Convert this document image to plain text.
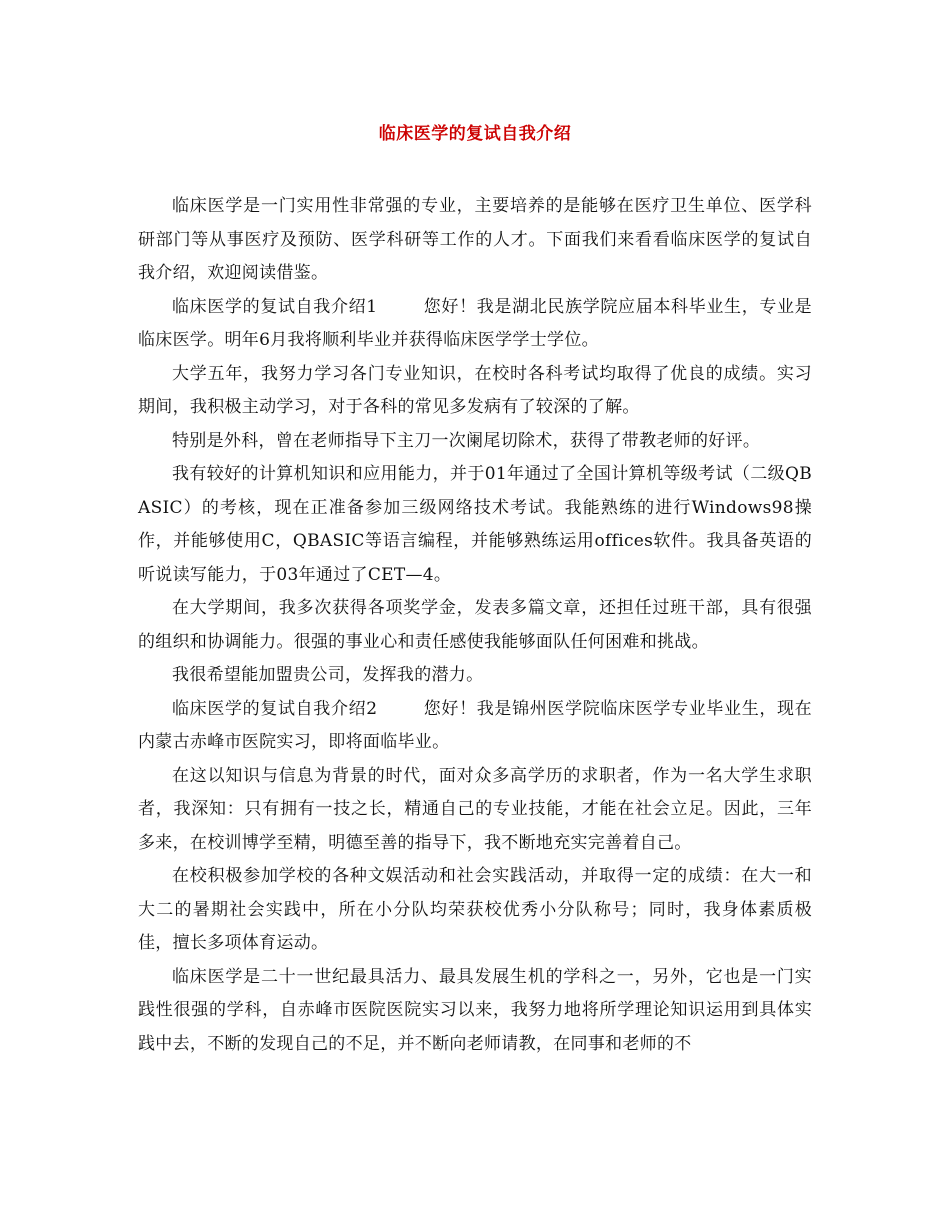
临床医学的复试自我介绍

临床医学是一门实用性非常强的专业，主要培养的是能够在医疗卫生单位、医学科研部门等从事医疗及预防、医学科研等工作的人才。下面我们来看看临床医学的复试自我介绍，欢迎阅读借鉴。

临床医学的复试自我介绍1	您好！我是湖北民族学院应届本科毕业生，专业是临床医学。明年6月我将顺利毕业并获得临床医学学士学位。

大学五年，我努力学习各门专业知识，在校时各科考试均取得了优良的成绩。实习期间，我积极主动学习，对于各科的常见多发病有了较深的了解。

特别是外科，曾在老师指导下主刀一次阑尾切除术，获得了带教老师的好评。

我有较好的计算机知识和应用能力，并于01年通过了全国计算机等级考试（二级QBASIC）的考核，现在正准备参加三级网络技术考试。我能熟练的进行Windows98操作，并能够使用C，QBASIC等语言编程，并能够熟练运用offices软件。我具备英语的听说读写能力，于03年通过了CET—4。

在大学期间，我多次获得各项奖学金，发表多篇文章，还担任过班干部，具有很强的组织和协调能力。很强的事业心和责任感使我能够面队任何困难和挑战。

我很希望能加盟贵公司，发挥我的潜力。

临床医学的复试自我介绍2	您好！我是锦州医学院临床医学专业毕业生，现在内蒙古赤峰市医院实习，即将面临毕业。

在这以知识与信息为背景的时代，面对众多高学历的求职者，作为一名大学生求职者，我深知：只有拥有一技之长，精通自己的专业技能，才能在社会立足。因此，三年多来，在校训博学至精，明德至善的指导下，我不断地充实完善着自己。

在校积极参加学校的各种文娱活动和社会实践活动，并取得一定的成绩：在大一和大二的暑期社会实践中，所在小分队均荣获校优秀小分队称号；同时，我身体素质极佳，擅长多项体育运动。

临床医学是二十一世纪最具活力、最具发展生机的学科之一，另外，它也是一门实践性很强的学科，自赤峰市医院医院实习以来，我努力地将所学理论知识运用到具体实践中去，不断的发现自己的不足，并不断向老师请教，在同事和老师的不
